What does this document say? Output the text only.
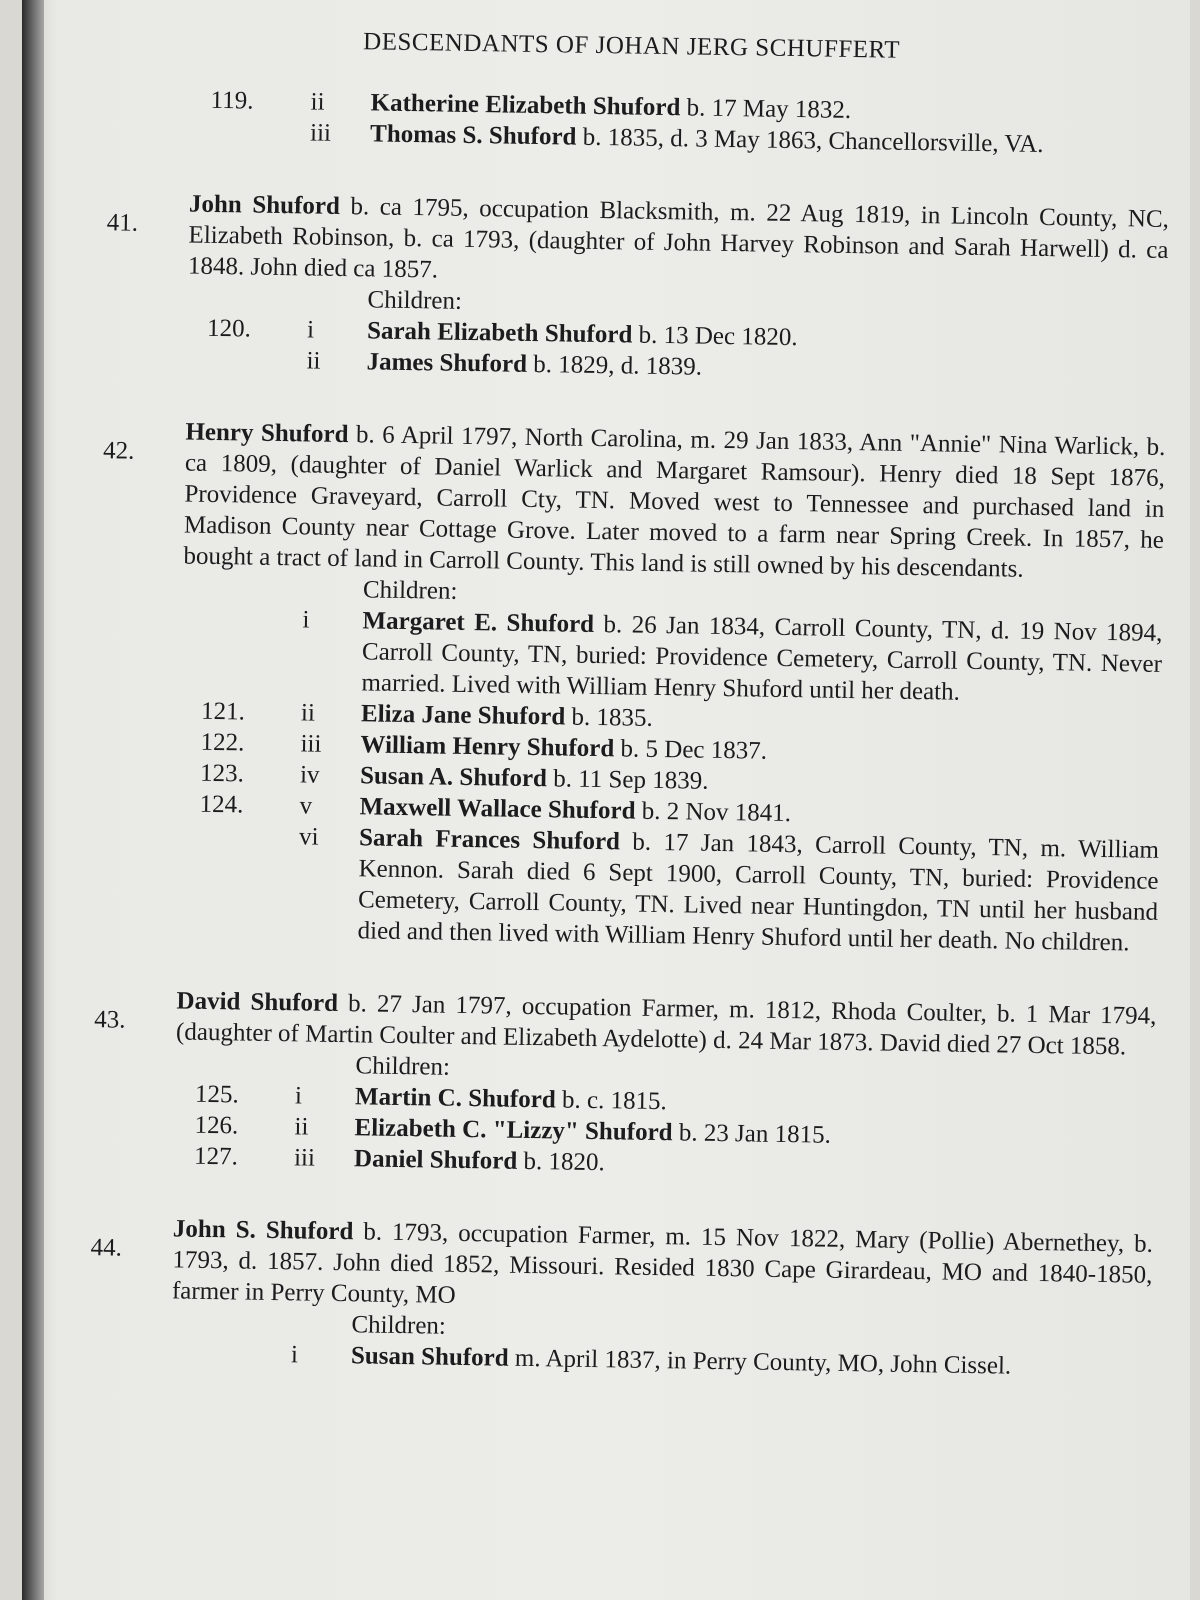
DESCENDANTS OF JOHAN JERG SCHUFFERT
119. ii Katherine Elizabeth Shuford b. 17 May 1832.
iii Thomas S. Shuford b. 1835, d. 3 May 1863, Chancellorsville, VA.
41.
John Shuford b. ca 1795, occupation Blacksmith, m. 22 Aug 1819, in Lincoln County, NC, Elizabeth Robinson, b. ca 1793, (daughter of John Harvey Robinson and Sarah Harwell) d. ca 1848. John died ca 1857.
Children:
120. i Sarah Elizabeth Shuford b. 13 Dec 1820.
ii James Shuford b. 1829, d. 1839.
42.
Henry Shuford b. 6 April 1797, North Carolina, m. 29 Jan 1833, Ann "Annie" Nina Warlick, b. ca 1809, (daughter of Daniel Warlick and Margaret Ramsour). Henry died 18 Sept 1876, Providence Graveyard, Carroll Cty, TN. Moved west to Tennessee and purchased land in Madison County near Cottage Grove. Later moved to a farm near Spring Creek. In 1857, he bought a tract of land in Carroll County. This land is still owned by his descendants.
Children:
i Margaret E. Shuford b. 26 Jan 1834, Carroll County, TN, d. 19 Nov 1894, Carroll County, TN, buried: Providence Cemetery, Carroll County, TN. Never married. Lived with William Henry Shuford until her death.
121. ii Eliza Jane Shuford b. 1835.
122. iii William Henry Shuford b. 5 Dec 1837.
123. iv Susan A. Shuford b. 11 Sep 1839.
124. v Maxwell Wallace Shuford b. 2 Nov 1841.
vi Sarah Frances Shuford b. 17 Jan 1843, Carroll County, TN, m. William Kennon. Sarah died 6 Sept 1900, Carroll County, TN, buried: Providence Cemetery, Carroll County, TN. Lived near Huntingdon, TN until her husband died and then lived with William Henry Shuford until her death. No children.
43.
David Shuford b. 27 Jan 1797, occupation Farmer, m. 1812, Rhoda Coulter, b. 1 Mar 1794, (daughter of Martin Coulter and Elizabeth Aydelotte) d. 24 Mar 1873. David died 27 Oct 1858.
Children:
125. i Martin C. Shuford b. c. 1815.
126. ii Elizabeth C. "Lizzy" Shuford b. 23 Jan 1815.
127. iii Daniel Shuford b. 1820.
44.
John S. Shuford b. 1793, occupation Farmer, m. 15 Nov 1822, Mary (Pollie) Abernethey, b. 1793, d. 1857. John died 1852, Missouri. Resided 1830 Cape Girardeau, MO and 1840-1850, farmer in Perry County, MO
Children:
i Susan Shuford m. April 1837, in Perry County, MO, John Cissel.
